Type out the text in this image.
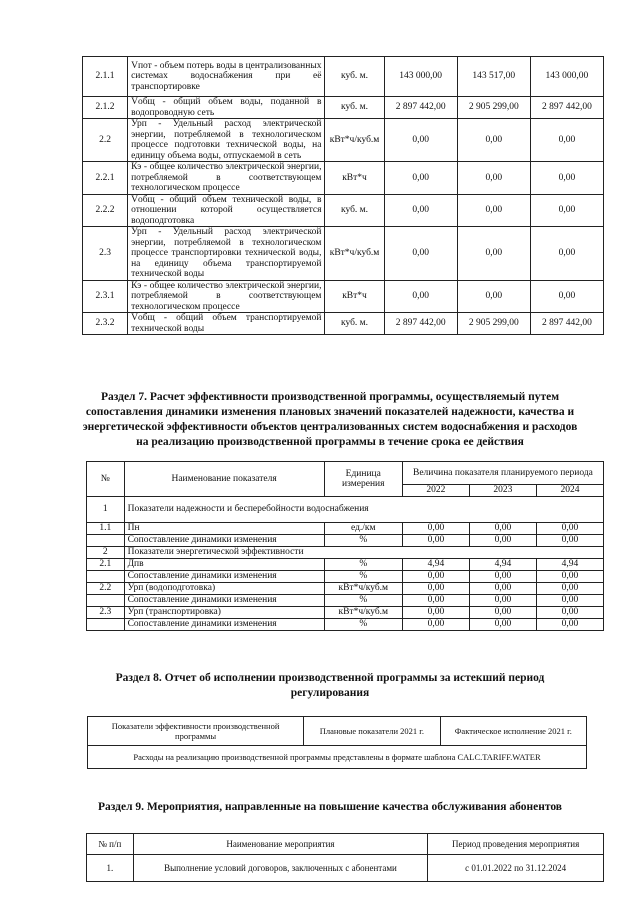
2.1.1	Vпот - объем потерь воды в централизованных системах водоснабжения при её транспортировке	куб. м.	143 000,00	143 517,00	143 000,00
2.1.2	Vобщ - общий объем воды, поданной в водопроводную сеть	куб. м.	2 897 442,00	2 905 299,00	2 897 442,00
2.2	Урп - Удельный расход электрической энергии, потребляемой в технологическом процессе подготовки технической воды, на единицу объема воды, отпускаемой в сеть	кВт*ч/куб.м	0,00	0,00	0,00
2.2.1	Кэ - общее количество электрической энергии, потребляемой в соответствующем технологическом процессе	кВт*ч	0,00	0,00	0,00
2.2.2	Vобщ - общий объем технической воды, в отношении которой осуществляется водоподготовка	куб. м.	0,00	0,00	0,00
2.3	Урп - Удельный расход электрической энергии, потребляемой в технологическом процессе транспортировки технической воды, на единицу объема транспортируемой технической воды	кВт*ч/куб.м	0,00	0,00	0,00
2.3.1	Кэ - общее количество электрической энергии, потребляемой в соответствующем технологическом процессе	кВт*ч	0,00	0,00	0,00
2.3.2	Vобщ - общий объем транспортируемой технической воды	куб. м.	2 897 442,00	2 905 299,00	2 897 442,00
Раздел 7. Расчет эффективности производственной программы, осуществляемый путем сопоставления динамики изменения плановых значений показателей надежности, качества и энергетической эффективности объектов централизованных систем водоснабжения и расходов на реализацию производственной программы в течение срока ее действия
№	Наименование показателя	Единица измерения	Величина показателя планируемого периода		
			2022	2023	2024
1	Показатели надежности и бесперебойности водоснабжения				
1.1	Пн	ед./км	0,00	0,00	0,00
	Сопоставление динамики изменения	%	0,00	0,00	0,00
2	Показатели энергетической эффективности				
2.1	Дпв	%	4,94	4,94	4,94
	Сопоставление динамики изменения	%	0,00	0,00	0,00
2.2	Урп (водоподготовка)	кВт*ч/куб.м	0,00	0,00	0,00
	Сопоставление динамики изменения	%	0,00	0,00	0,00
2.3	Урп (транспортировка)	кВт*ч/куб.м	0,00	0,00	0,00
	Сопоставление динамики изменения	%	0,00	0,00	0,00
Раздел 8. Отчет об исполнении производственной программы за истекший период регулирования
Показатели эффективности производственной программы	Плановые показатели 2021 г.	Фактическое исполнение 2021 г.
Расходы на реализацию производственной программы представлены в формате шаблона CALC.TARIFF.WATER
Раздел 9. Мероприятия, направленные на повышение качества обслуживания абонентов
№ п/п	Наименование мероприятия	Период проведения мероприятия
1.	Выполнение условий договоров, заключенных с абонентами	с 01.01.2022 по 31.12.2024
